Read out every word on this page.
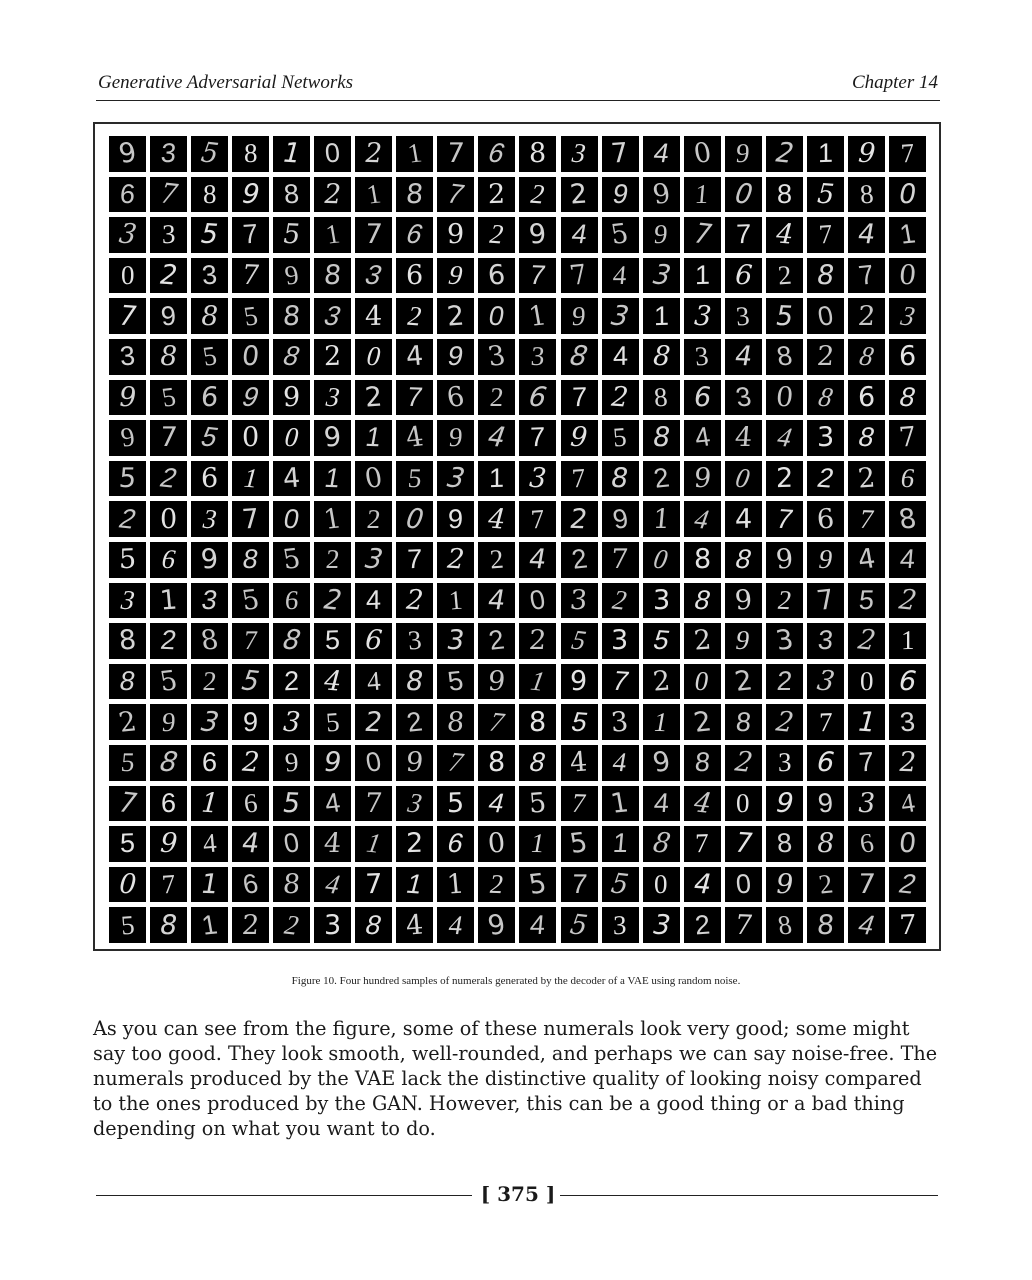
Generative Adversarial Networks	Chapter 14
9 3 5 8 1 0 2 1 7 6 8 3 7 4 0 9 2 1 9 7
6 7 8 9 8 2 1 8 7 2 2 2 9 9 1 0 8 5 8 0
3 3 5 7 5 1 7 6 9 2 9 4 5 9 7 7 4 7 4 1
0 2 3 7 9 8 3 6 9 6 7 7 4 3 1 6 2 8 7 0
7 9 8 5 8 3 4 2 2 0 1 9 3 1 3 3 5 0 2 3
3 8 5 0 8 2 0 4 9 3 3 8 4 8 3 4 8 2 8 6
9 5 6 9 9 3 2 7 6 2 6 7 2 8 6 3 0 8 6 8
9 7 5 0 0 9 1 4 9 4 7 9 5 8 4 4 4 3 8 7
5 2 6 1 4 1 0 5 3 1 3 7 8 2 9 0 2 2 2 6
2 0 3 7 0 1 2 0 9 4 7 2 9 1 4 4 7 6 7 8
5 6 9 8 5 2 3 7 2 2 4 2 7 0 8 8 9 9 4 4
3 1 3 5 6 2 4 2 1 4 0 3 2 3 8 9 2 7 5 2
8 2 8 7 8 5 6 3 3 2 2 5 3 5 2 9 3 3 2 1
8 5 2 5 2 4 4 8 5 9 1 9 7 2 0 2 2 3 0 6
2 9 3 9 3 5 2 2 8 7 8 5 3 1 2 8 2 7 1 3
5 8 6 2 9 9 0 9 7 8 8 4 4 9 8 2 3 6 7 2
7 6 1 6 5 4 7 3 5 4 5 7 1 4 4 0 9 9 3 4
5 9 4 4 0 4 1 2 6 0 1 5 1 8 7 7 8 8 6 0
0 7 1 6 8 4 7 1 1 2 5 7 5 0 4 0 9 2 7 2
5 8 1 2 2 3 8 4 4 9 4 5 3 3 2 7 8 8 4 7
Figure 10. Four hundred samples of numerals generated by the decoder of a VAE using random noise.

As you can see from the figure, some of these numerals look very good; some might say too good. They look smooth, well-rounded, and perhaps we can say noise-free. The numerals produced by the VAE lack the distinctive quality of looking noisy compared to the ones produced by the GAN. However, this can be a good thing or a bad thing depending on what you want to do.

[ 375 ]
